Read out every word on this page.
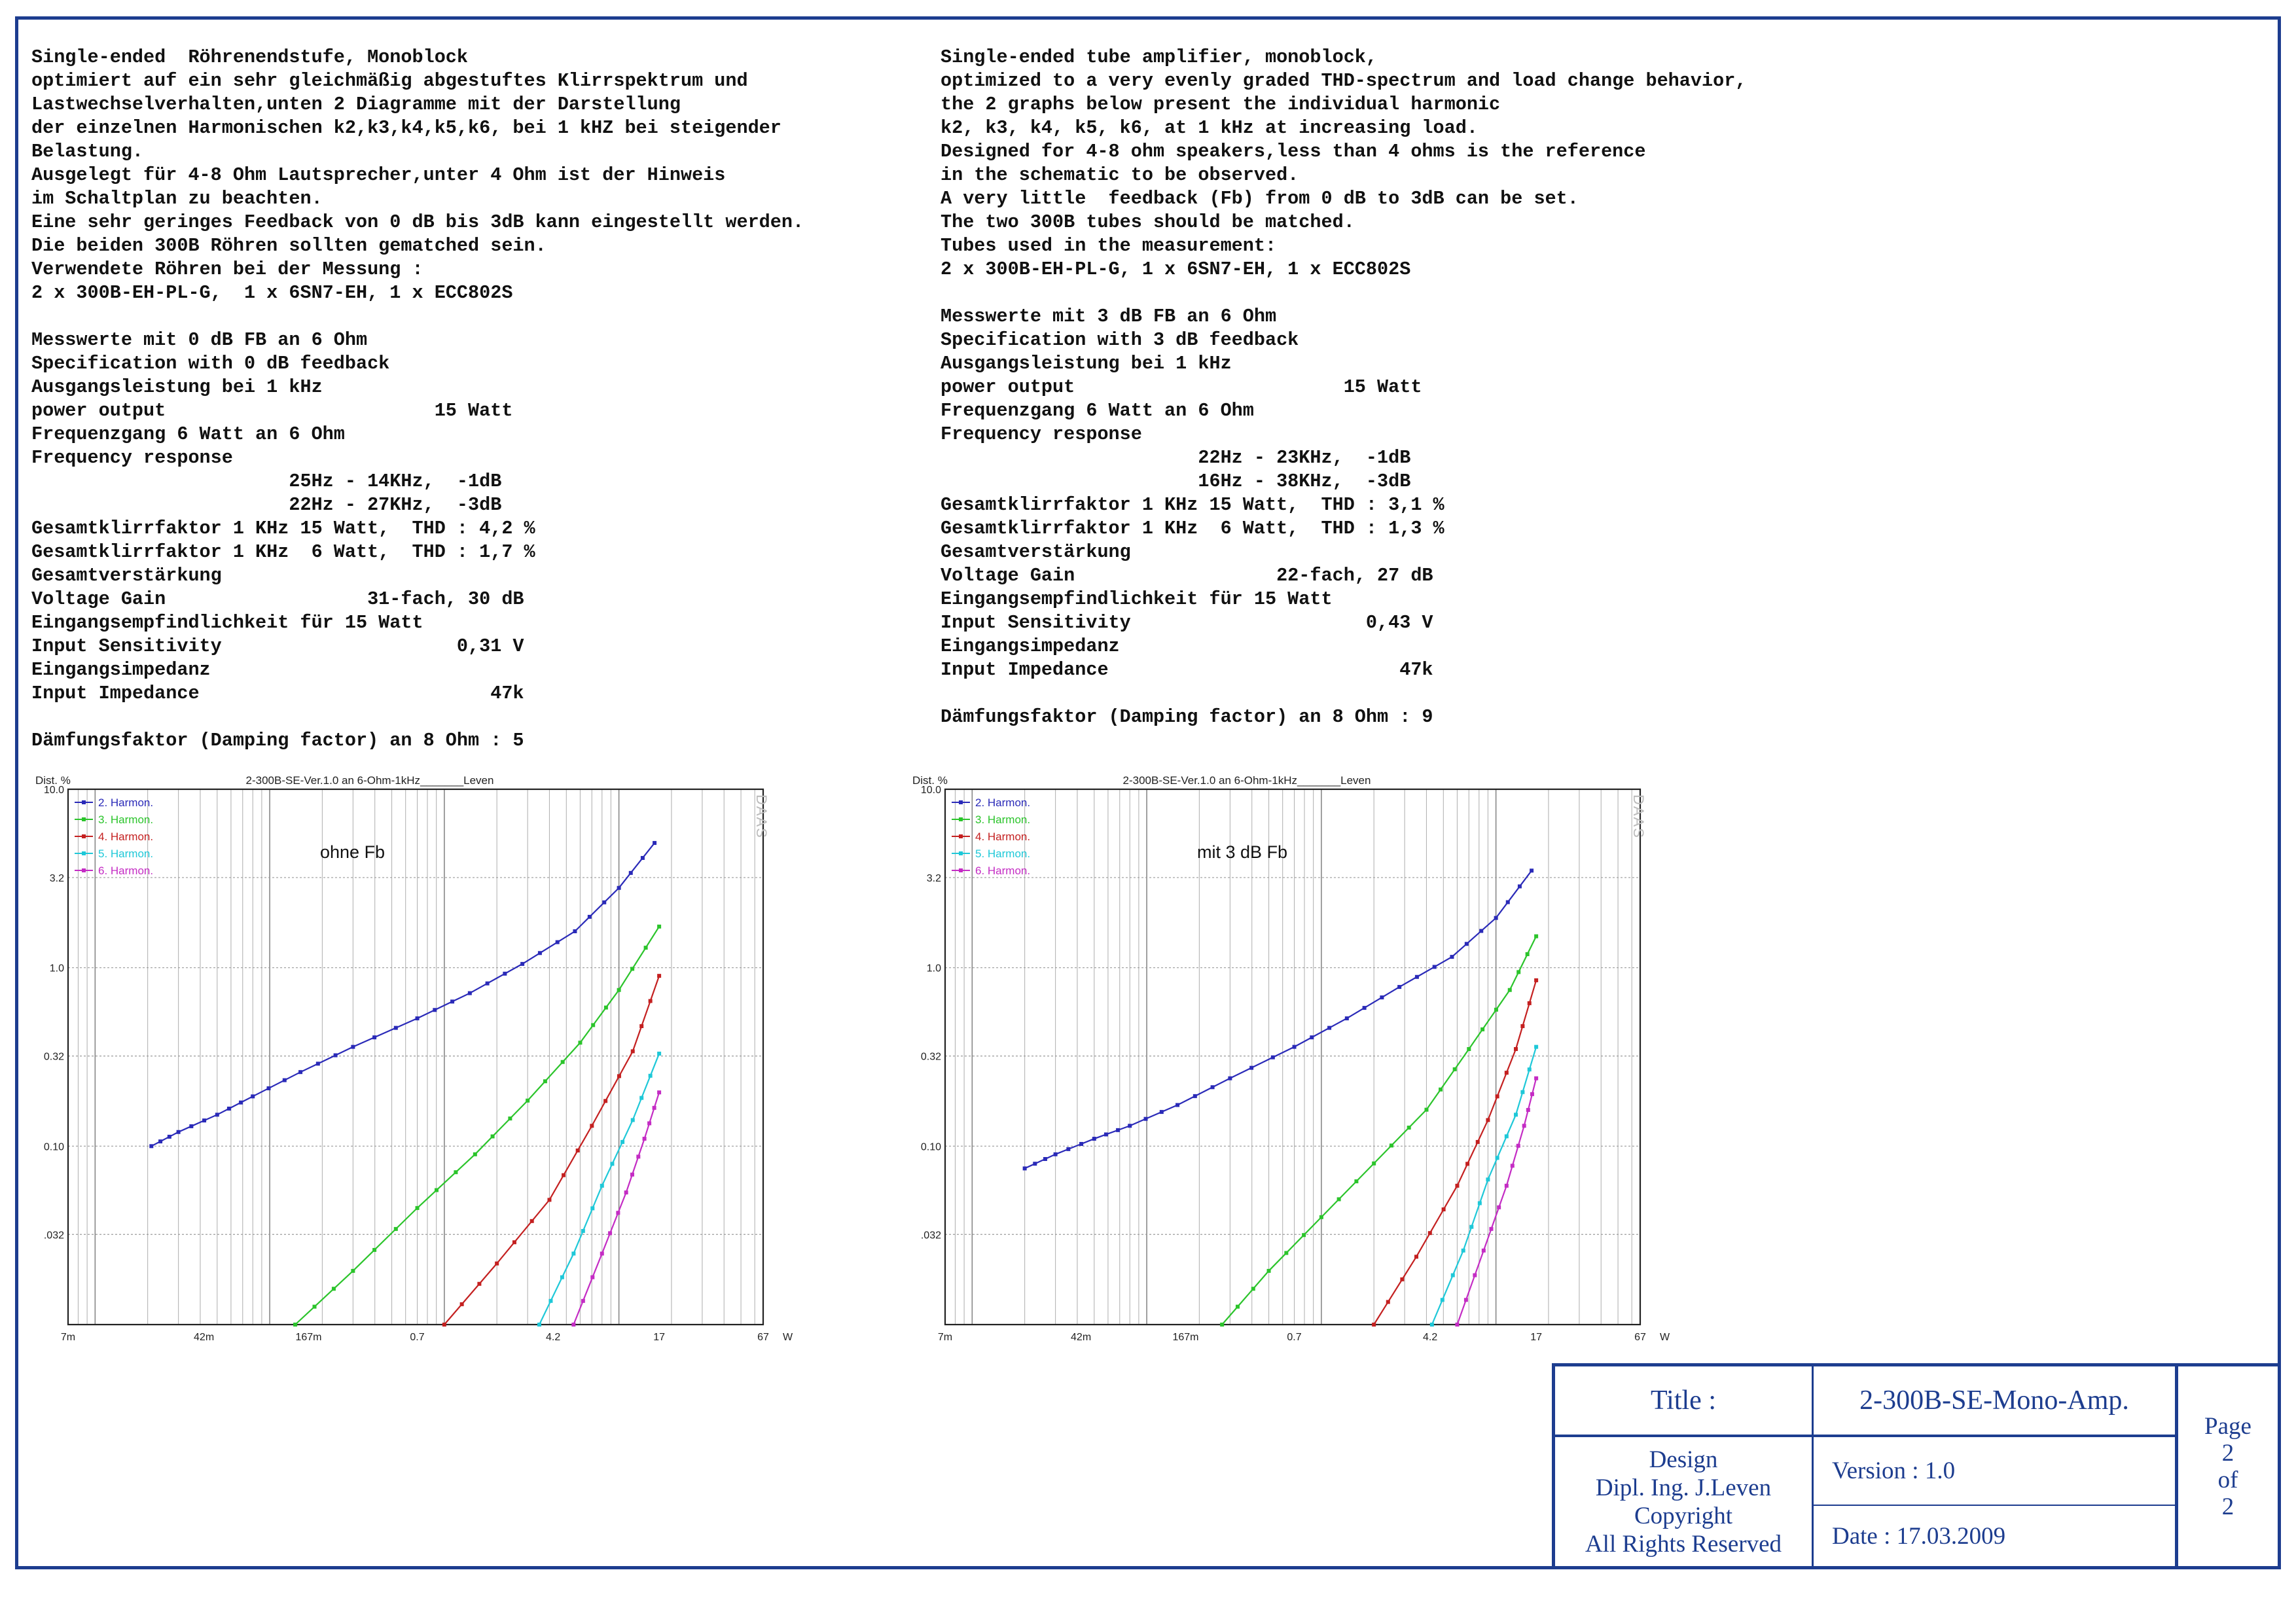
Single-ended  Röhrenendstufe, Monoblock
optimiert auf ein sehr gleichmäßig abgestuftes Klirrspektrum und
Lastwechselverhalten,unten 2 Diagramme mit der Darstellung
der einzelnen Harmonischen k2,k3,k4,k5,k6, bei 1 kHZ bei steigender
Belastung.
Ausgelegt für 4-8 Ohm Lautsprecher,unter 4 Ohm ist der Hinweis
im Schaltplan zu beachten.
Eine sehr geringes Feedback von 0 dB bis 3dB kann eingestellt werden.
Die beiden 300B Röhren sollten gematched sein.
Verwendete Röhren bei der Messung :
2 x 300B-EH-PL-G,  1 x 6SN7-EH, 1 x ECC802S
Messwerte mit 0 dB FB an 6 Ohm
Specification with 0 dB feedback
Ausgangsleistung bei 1 kHz
power output                        15 Watt
Frequenzgang 6 Watt an 6 Ohm
Frequency response
25Hz - 14KHz,  -1dB
22Hz - 27KHz,  -3dB
Gesamtklirrfaktor 1 KHz 15 Watt,  THD : 4,2 %
Gesamtklirrfaktor 1 KHz  6 Watt,  THD : 1,7 %
Gesamtverstärkung
Voltage Gain                  31-fach, 30 dB
Eingangsempfindlichkeit für 15 Watt
Input Sensitivity                     0,31 V
Eingangsimpedanz
Input Impedance                          47k
Dämfungsfaktor (Damping factor) an 8 Ohm : 5
Single-ended tube amplifier, monoblock,
optimized to a very evenly graded THD-spectrum and load change behavior,
the 2 graphs below present the individual harmonic
k2, k3, k4, k5, k6, at 1 kHz at increasing load.
Designed for 4-8 ohm speakers,less than 4 ohms is the reference
in the schematic to be observed.
A very little  feedback (Fb) from 0 dB to 3dB can be set.
The two 300B tubes should be matched.
Tubes used in the measurement:
2 x 300B-EH-PL-G, 1 x 6SN7-EH, 1 x ECC802S
Messwerte mit 3 dB FB an 6 Ohm
Specification with 3 dB feedback
Ausgangsleistung bei 1 kHz
power output                        15 Watt
Frequenzgang 6 Watt an 6 Ohm
Frequency response
22Hz - 23KHz,  -1dB
16Hz - 38KHz,  -3dB
Gesamtklirrfaktor 1 KHz 15 Watt,  THD : 3,1 %
Gesamtklirrfaktor 1 KHz  6 Watt,  THD : 1,3 %
Gesamtverstärkung
Voltage Gain                  22-fach, 27 dB
Eingangsempfindlichkeit für 15 Watt
Input Sensitivity                     0,43 V
Eingangsimpedanz
Input Impedance                          47k
Dämfungsfaktor (Damping factor) an 8 Ohm : 9
2-300B-SE-Ver.1.0 an 6-Ohm-1kHz_______Leven
Dist. %
10.0
3.2
1.0
0.32
0.10
.032
7m	42m	167m	0.7	4.2	17	67 W
DAAS
ohne Fb
2. Harmon.
3. Harmon.
4. Harmon.
5. Harmon.
6. Harmon.
2-300B-SE-Ver.1.0 an 6-Ohm-1kHz_______Leven
Dist. %
10.0
3.2
1.0
0.32
0.10
.032
7m	42m	167m	0.7	4.2	17	67 W
DAAS
mit 3 dB Fb
2. Harmon.
3. Harmon.
4. Harmon.
5. Harmon.
6. Harmon.
Title :	2-300B-SE-Mono-Amp.
Design
Dipl. Ing. J.Leven
Copyright
All Rights Reserved
Version : 1.0
Date : 17.03.2009
Page
2
of
2
